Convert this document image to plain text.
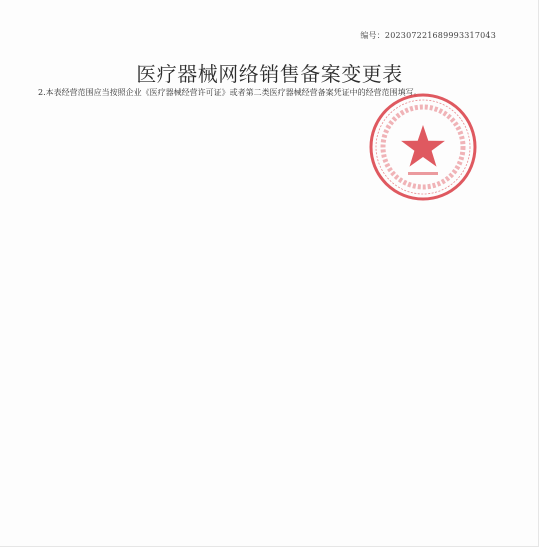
编号：202307221689993317043
医疗器械网络销售备案变更表
2.本表经营范围应当按照企业《医疗器械经营许可证》或者第二类医疗器械经营备案凭证中的经营范围填写。
